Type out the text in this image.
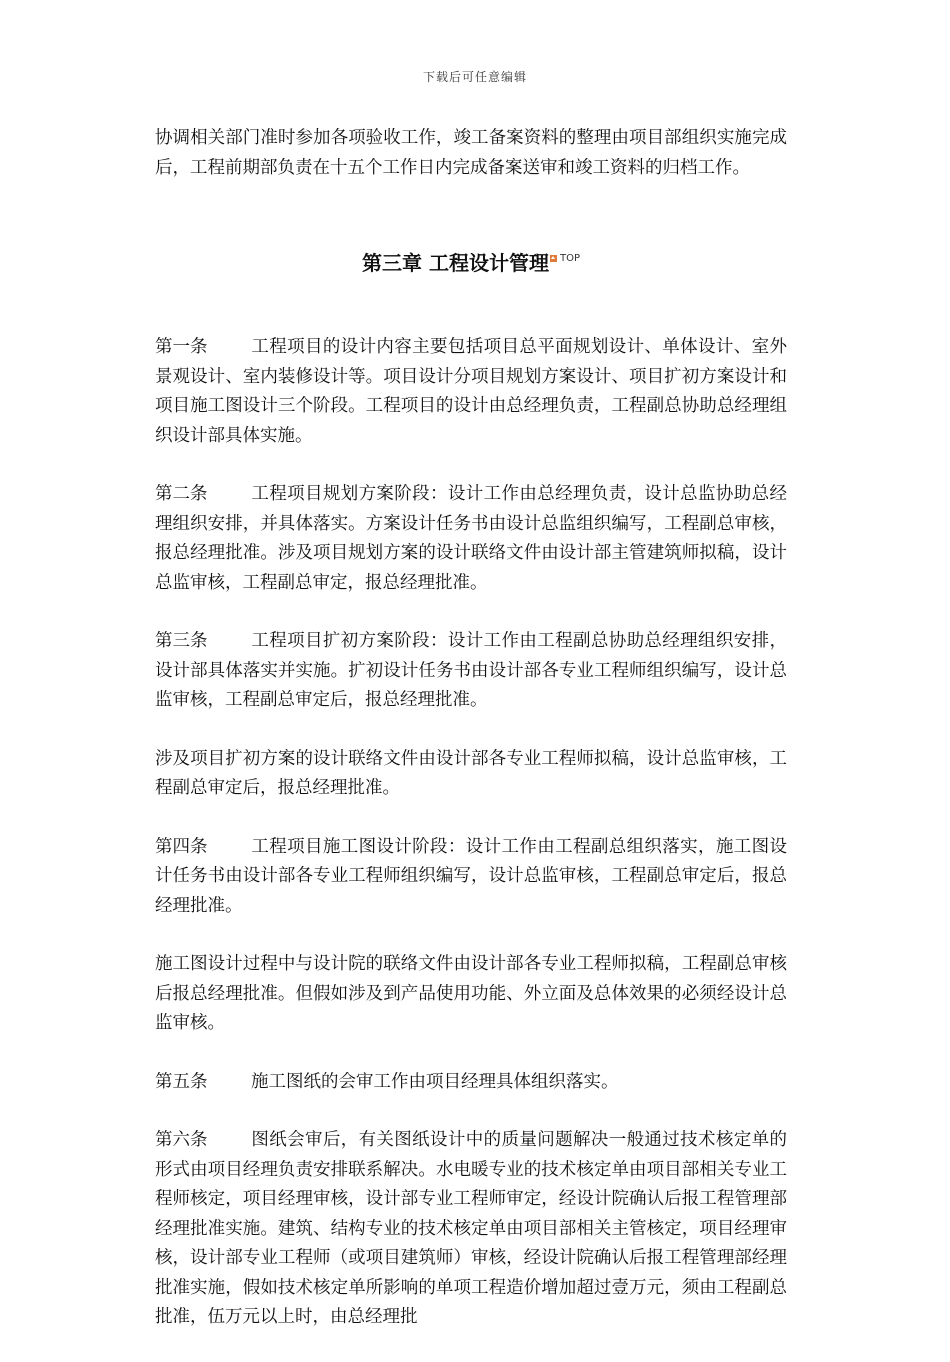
下载后可任意编辑

协调相关部门准时参加各项验收工作，竣工备案资料的整理由项目部组织实施完成后，工程前期部负责在十五个工作日内完成备案送审和竣工资料的归档工作。

第三章 工程设计管理 TOP

第一条 工程项目的设计内容主要包括项目总平面规划设计、单体设计、室外景观设计、室内装修设计等。项目设计分项目规划方案设计、项目扩初方案设计和项目施工图设计三个阶段。工程项目的设计由总经理负责，工程副总协助总经理组织设计部具体实施。

第二条 工程项目规划方案阶段：设计工作由总经理负责，设计总监协助总经理组织安排，并具体落实。方案设计任务书由设计总监组织编写，工程副总审核，报总经理批准。涉及项目规划方案的设计联络文件由设计部主管建筑师拟稿，设计总监审核，工程副总审定，报总经理批准。

第三条 工程项目扩初方案阶段：设计工作由工程副总协助总经理组织安排，设计部具体落实并实施。扩初设计任务书由设计部各专业工程师组织编写，设计总监审核，工程副总审定后，报总经理批准。

涉及项目扩初方案的设计联络文件由设计部各专业工程师拟稿，设计总监审核，工程副总审定后，报总经理批准。

第四条 工程项目施工图设计阶段：设计工作由工程副总组织落实，施工图设计任务书由设计部各专业工程师组织编写，设计总监审核，工程副总审定后，报总经理批准。

施工图设计过程中与设计院的联络文件由设计部各专业工程师拟稿，工程副总审核后报总经理批准。但假如涉及到产品使用功能、外立面及总体效果的必须经设计总监审核。

第五条 施工图纸的会审工作由项目经理具体组织落实。

第六条 图纸会审后，有关图纸设计中的质量问题解决一般通过技术核定单的形式由项目经理负责安排联系解决。水电暖专业的技术核定单由项目部相关专业工程师核定，项目经理审核，设计部专业工程师审定，经设计院确认后报工程管理部经理批准实施。建筑、结构专业的技术核定单由项目部相关主管核定，项目经理审核，设计部专业工程师（或项目建筑师）审核，经设计院确认后报工程管理部经理批准实施，假如技术核定单所影响的单项工程造价增加超过壹万元，须由工程副总批准，伍万元以上时，由总经理批
